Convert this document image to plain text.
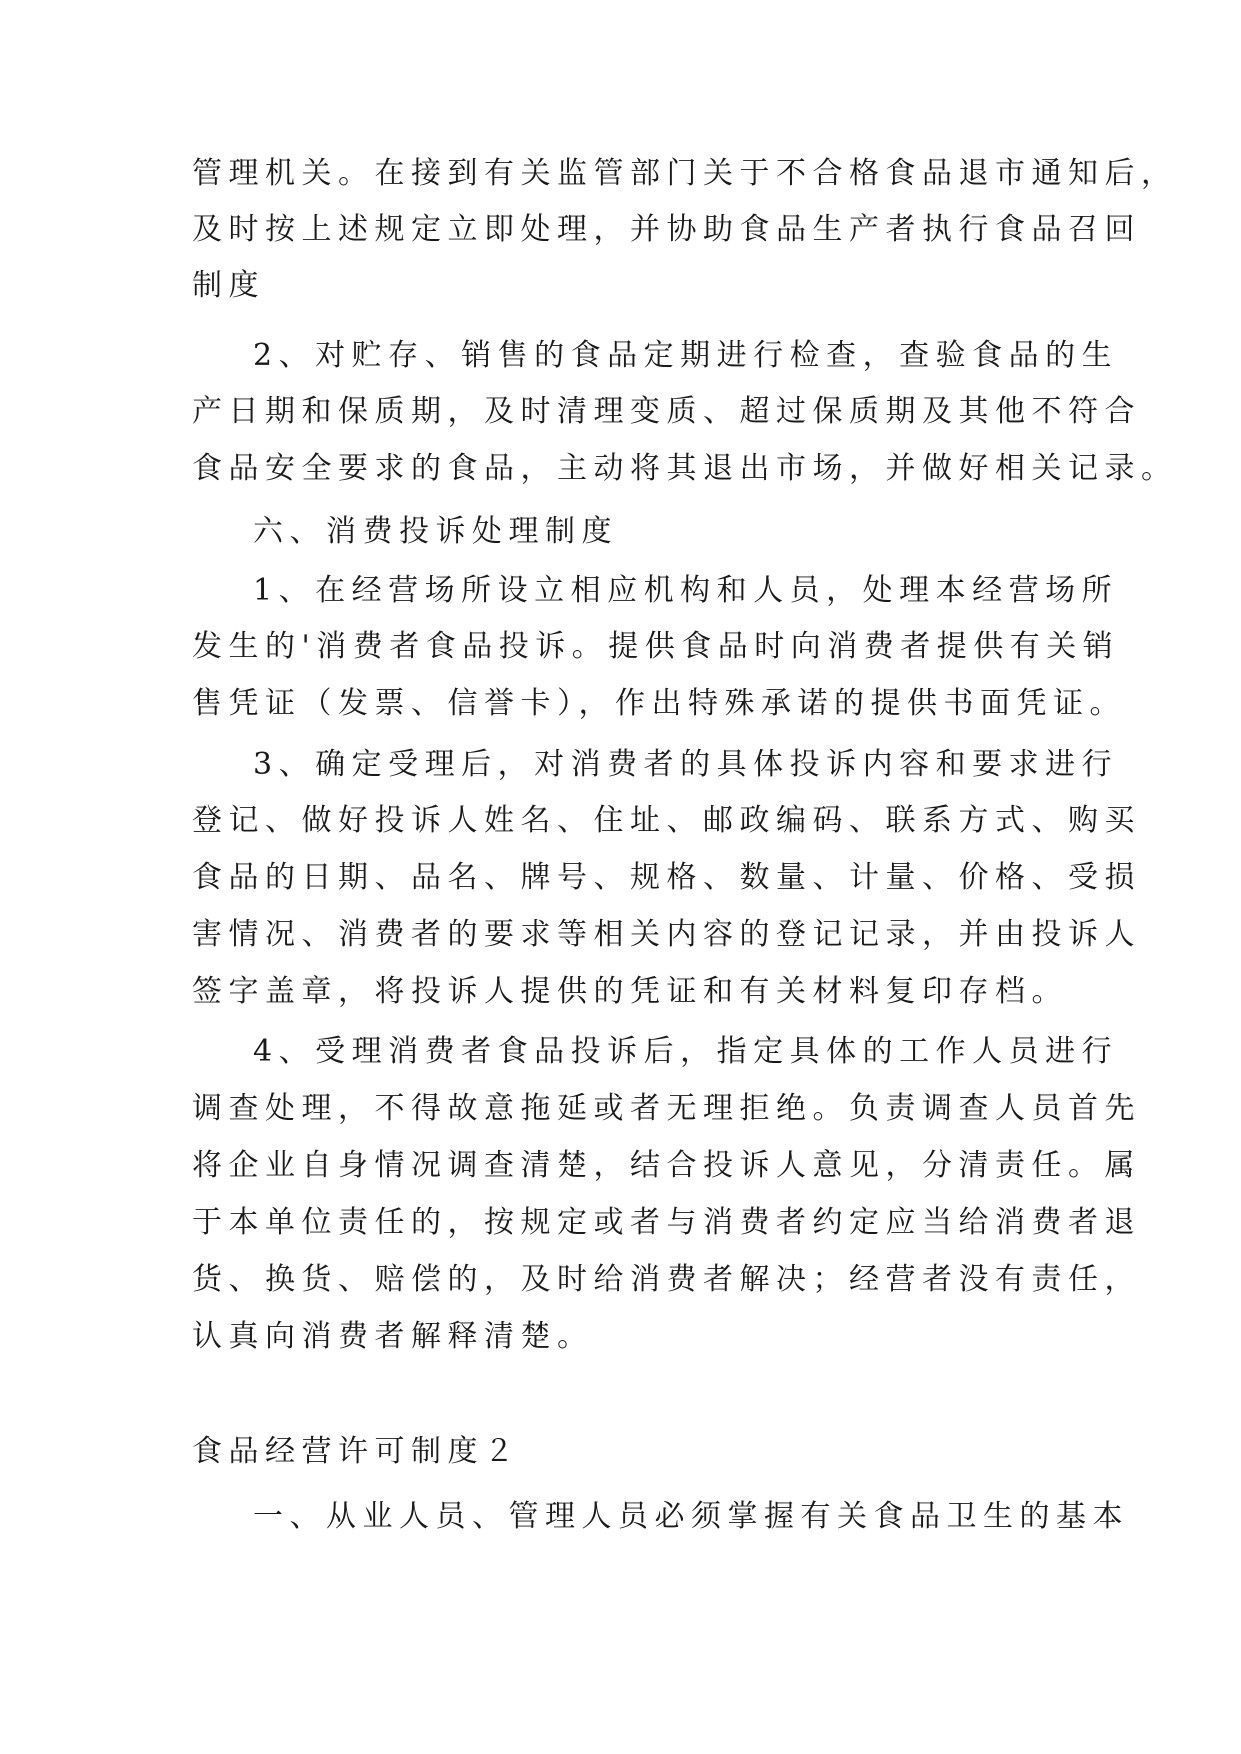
管理机关。在接到有关监管部门关于不合格食品退市通知后，
及时按上述规定立即处理，并协助食品生产者执行食品召回
制度
2、对贮存、销售的食品定期进行检查，查验食品的生
产日期和保质期，及时清理变质、超过保质期及其他不符合
食品安全要求的食品，主动将其退出市场，并做好相关记录。
六、消费投诉处理制度
1、在经营场所设立相应机构和人员，处理本经营场所
发生的'消费者食品投诉。提供食品时向消费者提供有关销
售凭证（发票、信誉卡），作出特殊承诺的提供书面凭证。
3、确定受理后，对消费者的具体投诉内容和要求进行
登记、做好投诉人姓名、住址、邮政编码、联系方式、购买
食品的日期、品名、牌号、规格、数量、计量、价格、受损
害情况、消费者的要求等相关内容的登记记录，并由投诉人
签字盖章，将投诉人提供的凭证和有关材料复印存档。
4、受理消费者食品投诉后，指定具体的工作人员进行
调查处理，不得故意拖延或者无理拒绝。负责调查人员首先
将企业自身情况调查清楚，结合投诉人意见，分清责任。属
于本单位责任的，按规定或者与消费者约定应当给消费者退
货、换货、赔偿的，及时给消费者解决；经营者没有责任，
认真向消费者解释清楚。
食品经营许可制度２
一、从业人员、管理人员必须掌握有关食品卫生的基本
